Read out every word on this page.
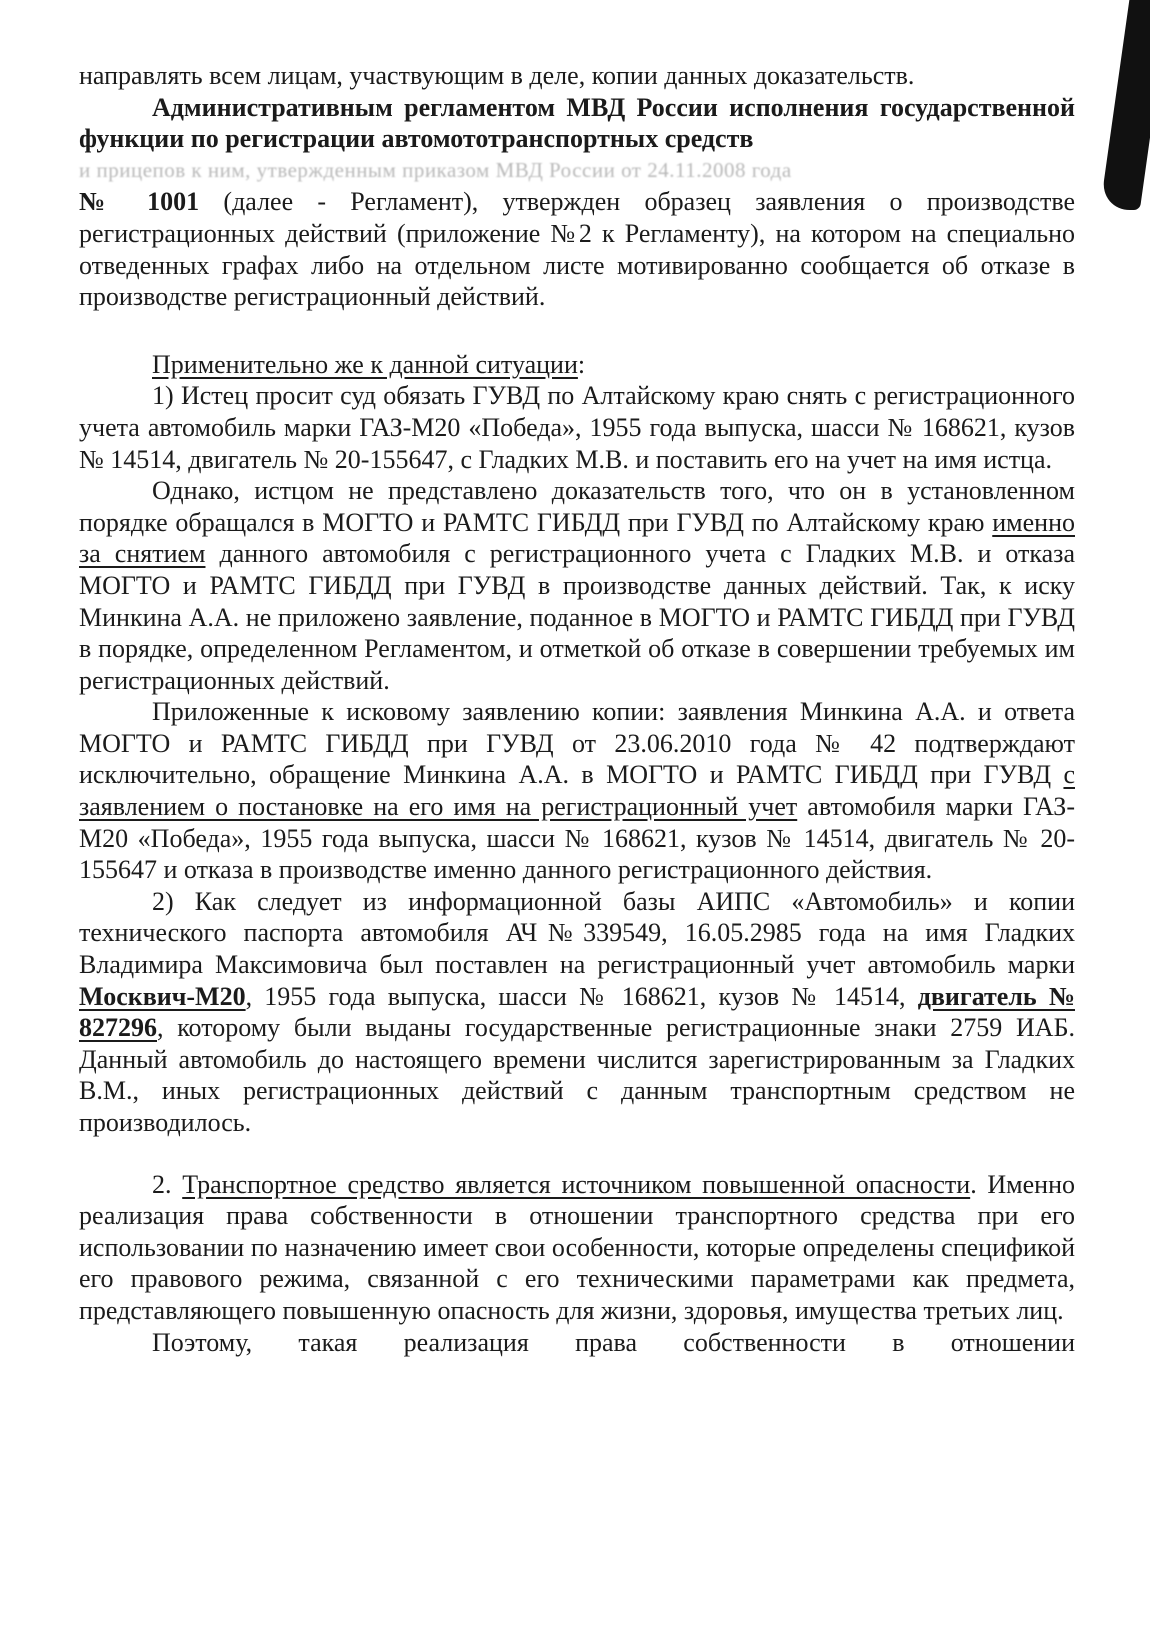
направлять всем лицам, участвующим в деле, копии данных доказательств.

Административным регламентом МВД России исполнения государственной функции по регистрации автомототранспортных средств

и прицепов к ним, утвержденным приказом МВД России от 24.11.2008 года

№ 1001 (далее - Регламент), утвержден образец заявления о производстве регистрационных действий (приложение №2 к Регламенту), на котором на специально отведенных графах либо на отдельном листе мотивированно сообщается об отказе в производстве регистрационный действий.

Применительно же к данной ситуации:

1) Истец просит суд обязать ГУВД по Алтайскому краю снять с регистрационного учета автомобиль марки ГАЗ-М20 «Победа», 1955 года выпуска, шасси № 168621, кузов № 14514, двигатель № 20-155647, с Гладких М.В. и поставить его на учет на имя истца.

Однако, истцом не представлено доказательств того, что он в установленном порядке обращался в МОГТО и РАМТС ГИБДД при ГУВД по Алтайскому краю именно за снятием данного автомобиля с регистрационного учета с Гладких М.В. и отказа МОГТО и РАМТС ГИБДД при ГУВД в производстве данных действий. Так, к иску Минкина А.А. не приложено заявление, поданное в МОГТО и РАМТС ГИБДД при ГУВД в порядке, определенном Регламентом, и отметкой об отказе в совершении требуемых им регистрационных действий.

Приложенные к исковому заявлению копии: заявления Минкина А.А. и ответа МОГТО и РАМТС ГИБДД при ГУВД от 23.06.2010 года № 42 подтверждают исключительно, обращение Минкина А.А. в МОГТО и РАМТС ГИБДД при ГУВД с заявлением о постановке на его имя на регистрационный учет автомобиля марки ГАЗ-М20 «Победа», 1955 года выпуска, шасси № 168621, кузов № 14514, двигатель № 20-155647 и отказа в производстве именно данного регистрационного действия.

2) Как следует из информационной базы АИПС «Автомобиль» и копии технического паспорта автомобиля АЧ№339549, 16.05.2985 года на имя Гладких Владимира Максимовича был поставлен на регистрационный учет автомобиль марки Москвич-М20, 1955 года выпуска, шасси № 168621, кузов № 14514, двигатель № 827296, которому были выданы государственные регистрационные знаки 2759 ИАБ. Данный автомобиль до настоящего времени числится зарегистрированным за Гладких В.М., иных регистрационных действий с данным транспортным средством не производилось.

2. Транспортное средство является источником повышенной опасности. Именно реализация права собственности в отношении транспортного средства при его использовании по назначению имеет свои особенности, которые определены спецификой его правового режима, связанной с его техническими параметрами как предмета, представляющего повышенную опасность для жизни, здоровья, имущества третьих лиц.

Поэтому, такая реализация права собственности в отношении
